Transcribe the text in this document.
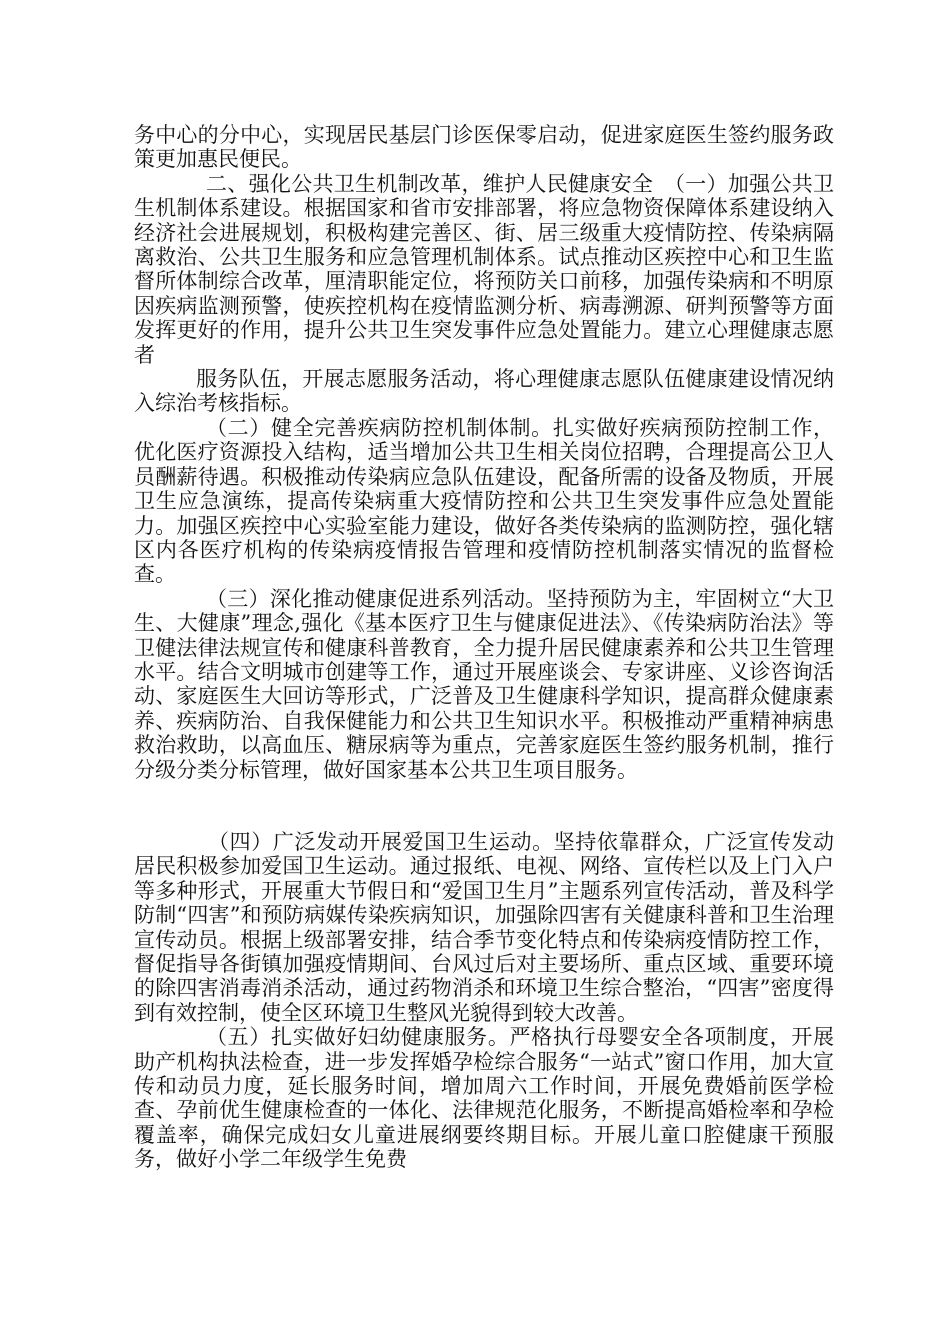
务中心的分中心，实现居民基层门诊医保零启动，促进家庭医生签约服务政策更加惠民便民。

二、强化公共卫生机制改革，维护人民健康安全　（一）加强公共卫生机制体系建设。根据国家和省市安排部署，将应急物资保障体系建设纳入经济社会进展规划，积极构建完善区、街、居三级重大疫情防控、传染病隔离救治、公共卫生服务和应急管理机制体系。试点推动区疾控中心和卫生监督所体制综合改革，厘清职能定位，将预防关口前移，加强传染病和不明原因疾病监测预警，使疾控机构在疫情监测分析、病毒溯源、研判预警等方面发挥更好的作用，提升公共卫生突发事件应急处置能力。建立心理健康志愿者

服务队伍，开展志愿服务活动，将心理健康志愿队伍健康建设情况纳入综治考核指标。

（二）健全完善疾病防控机制体制。扎实做好疾病预防控制工作，优化医疗资源投入结构，适当增加公共卫生相关岗位招聘，合理提高公卫人员酬薪待遇。积极推动传染病应急队伍建设，配备所需的设备及物质，开展卫生应急演练，提高传染病重大疫情防控和公共卫生突发事件应急处置能力。加强区疾控中心实验室能力建设，做好各类传染病的监测防控，强化辖区内各医疗机构的传染病疫情报告管理和疫情防控机制落实情况的监督检查。

（三）深化推动健康促进系列活动。坚持预防为主，牢固树立“大卫生、大健康”理念,强化《基本医疗卫生与健康促进法》、《传染病防治法》等卫健法律法规宣传和健康科普教育，全力提升居民健康素养和公共卫生管理水平。结合文明城市创建等工作，通过开展座谈会、专家讲座、义诊咨询活动、家庭医生大回访等形式，广泛普及卫生健康科学知识，提高群众健康素养、疾病防治、自我保健能力和公共卫生知识水平。积极推动严重精神病患救治救助，以高血压、糖尿病等为重点，完善家庭医生签约服务机制，推行分级分类分标管理，做好国家基本公共卫生项目服务。

（四）广泛发动开展爱国卫生运动。坚持依靠群众，广泛宣传发动居民积极参加爱国卫生运动。通过报纸、电视、网络、宣传栏以及上门入户等多种形式，开展重大节假日和“爱国卫生月”主题系列宣传活动，普及科学防制“四害”和预防病媒传染疾病知识，加强除四害有关健康科普和卫生治理宣传动员。根据上级部署安排，结合季节变化特点和传染病疫情防控工作，督促指导各街镇加强疫情期间、台风过后对主要场所、重点区域、重要环境的除四害消毒消杀活动，通过药物消杀和环境卫生综合整治，“四害”密度得到有效控制，使全区环境卫生整风光貌得到较大改善。

（五）扎实做好妇幼健康服务。严格执行母婴安全各项制度，开展助产机构执法检查，进一步发挥婚孕检综合服务“一站式”窗口作用，加大宣传和动员力度，延长服务时间，增加周六工作时间，开展免费婚前医学检查、孕前优生健康检查的一体化、法律规范化服务，不断提高婚检率和孕检覆盖率，确保完成妇女儿童进展纲要终期目标。开展儿童口腔健康干预服务，做好小学二年级学生免费
